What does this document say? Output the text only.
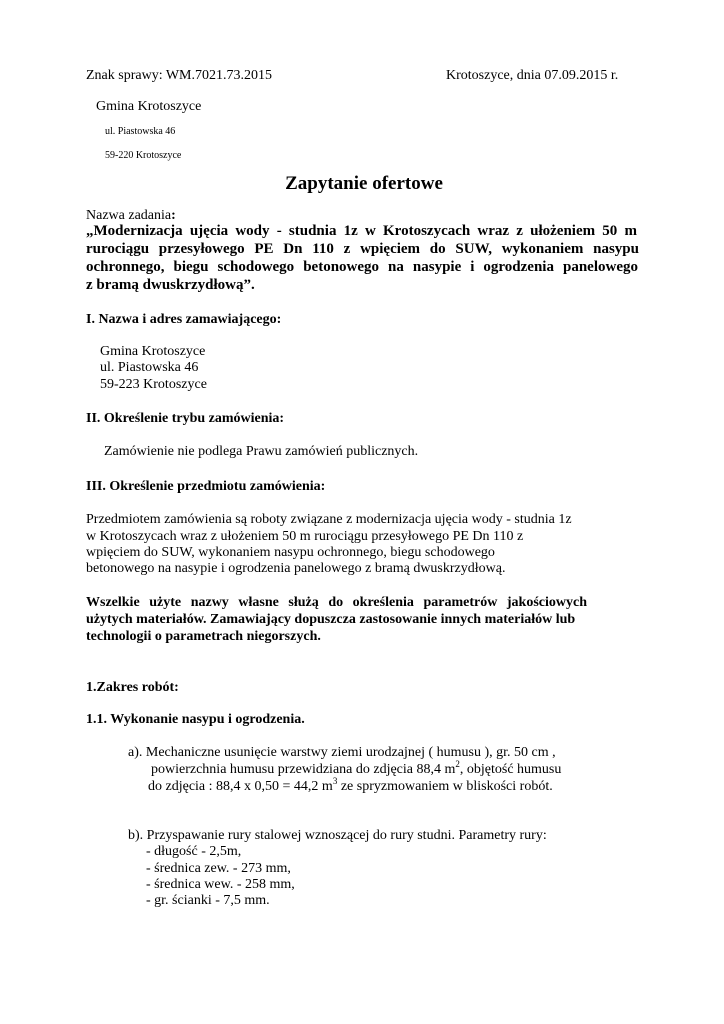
Znak sprawy: WM.7021.73.2015	Krotoszyce, dnia 07.09.2015 r.
Gmina Krotoszyce
ul. Piastowska 46
59-220 Krotoszyce
Zapytanie ofertowe
Nazwa zadania:
„Modernizacja ujęcia wody - studnia 1z w Krotoszycach wraz z ułożeniem 50 m
rurociągu przesyłowego PE Dn 110 z wpięciem do SUW, wykonaniem nasypu
ochronnego, biegu schodowego betonowego na nasypie i ogrodzenia panelowego
z bramą dwuskrzydłową”.
I. Nazwa i adres zamawiającego:
Gmina Krotoszyce
ul. Piastowska 46
59-223 Krotoszyce
II. Określenie trybu zamówienia:
Zamówienie nie podlega Prawu zamówień publicznych.
III. Określenie przedmiotu zamówienia:
Przedmiotem zamówienia są roboty związane z modernizacja ujęcia wody - studnia 1z
w Krotoszycach wraz z ułożeniem 50 m rurociągu przesyłowego PE Dn 110 z
wpięciem do SUW, wykonaniem nasypu ochronnego, biegu schodowego
betonowego na nasypie i ogrodzenia panelowego z bramą dwuskrzydłową.
Wszelkie użyte nazwy własne służą do określenia parametrów jakościowych
użytych materiałów. Zamawiający dopuszcza zastosowanie innych materiałów lub
technologii o parametrach niegorszych.
1.Zakres robót:
1.1. Wykonanie nasypu i ogrodzenia.
a). Mechaniczne usunięcie warstwy ziemi urodzajnej ( humusu ), gr. 50 cm ,
powierzchnia humusu przewidziana do zdjęcia 88,4 $m^2$, objętość humusu
do zdjęcia : 88,4 x 0,50 = 44,2 $m^3$ ze spryzmowaniem w bliskości robót.
b). Przyspawanie rury stalowej wznoszącej do rury studni. Parametry rury:
- długość - 2,5m,
- średnica zew. - 273 mm,
- średnica wew. - 258 mm,
- gr. ścianki - 7,5 mm.
